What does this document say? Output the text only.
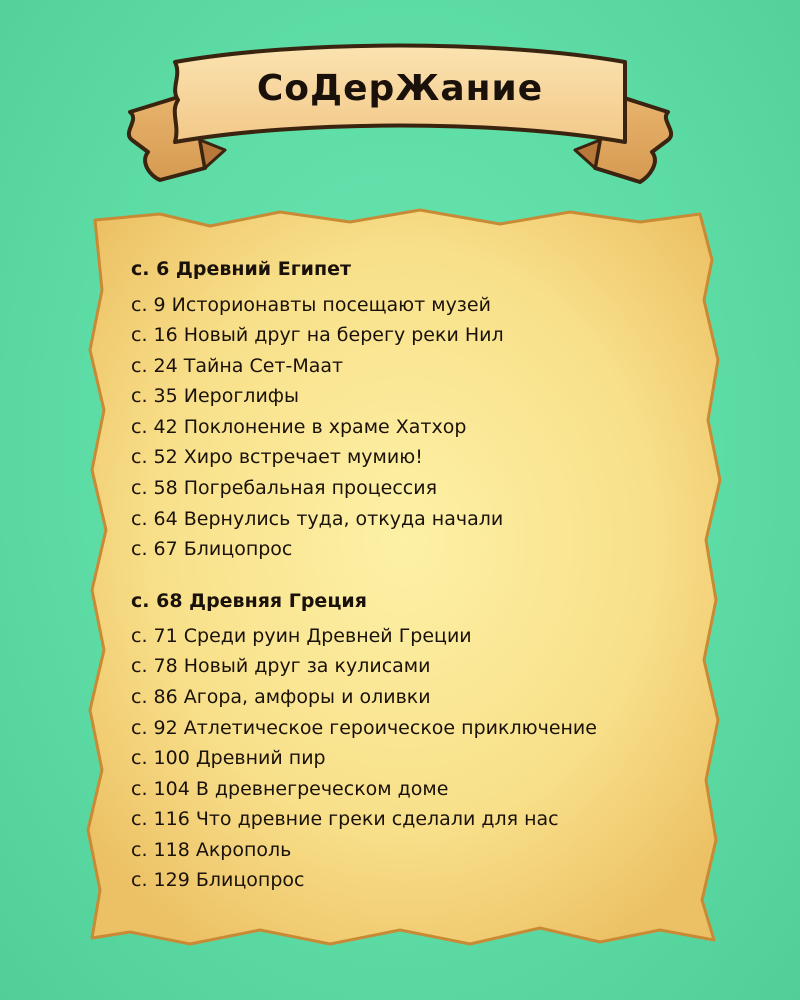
СоДерЖание
с. 6 Древний Египет
с. 9 Историонавты посещают музей
с. 16 Новый друг на берегу реки Нил
с. 24 Тайна Сет-Маат
с. 35 Иероглифы
с. 42 Поклонение в храме Хатхор
с. 52 Хиро встречает мумию!
с. 58 Погребальная процессия
с. 64 Вернулись туда, откуда начали
с. 67 Блицопрос
с. 68 Древняя Греция
с. 71 Среди руин Древней Греции
с. 78 Новый друг за кулисами
с. 86 Агора, амфоры и оливки
с. 92 Атлетическое героическое приключение
с. 100 Древний пир
с. 104 В древнегреческом доме
с. 116 Что древние греки сделали для нас
с. 118 Акрополь
с. 129 Блицопрос
